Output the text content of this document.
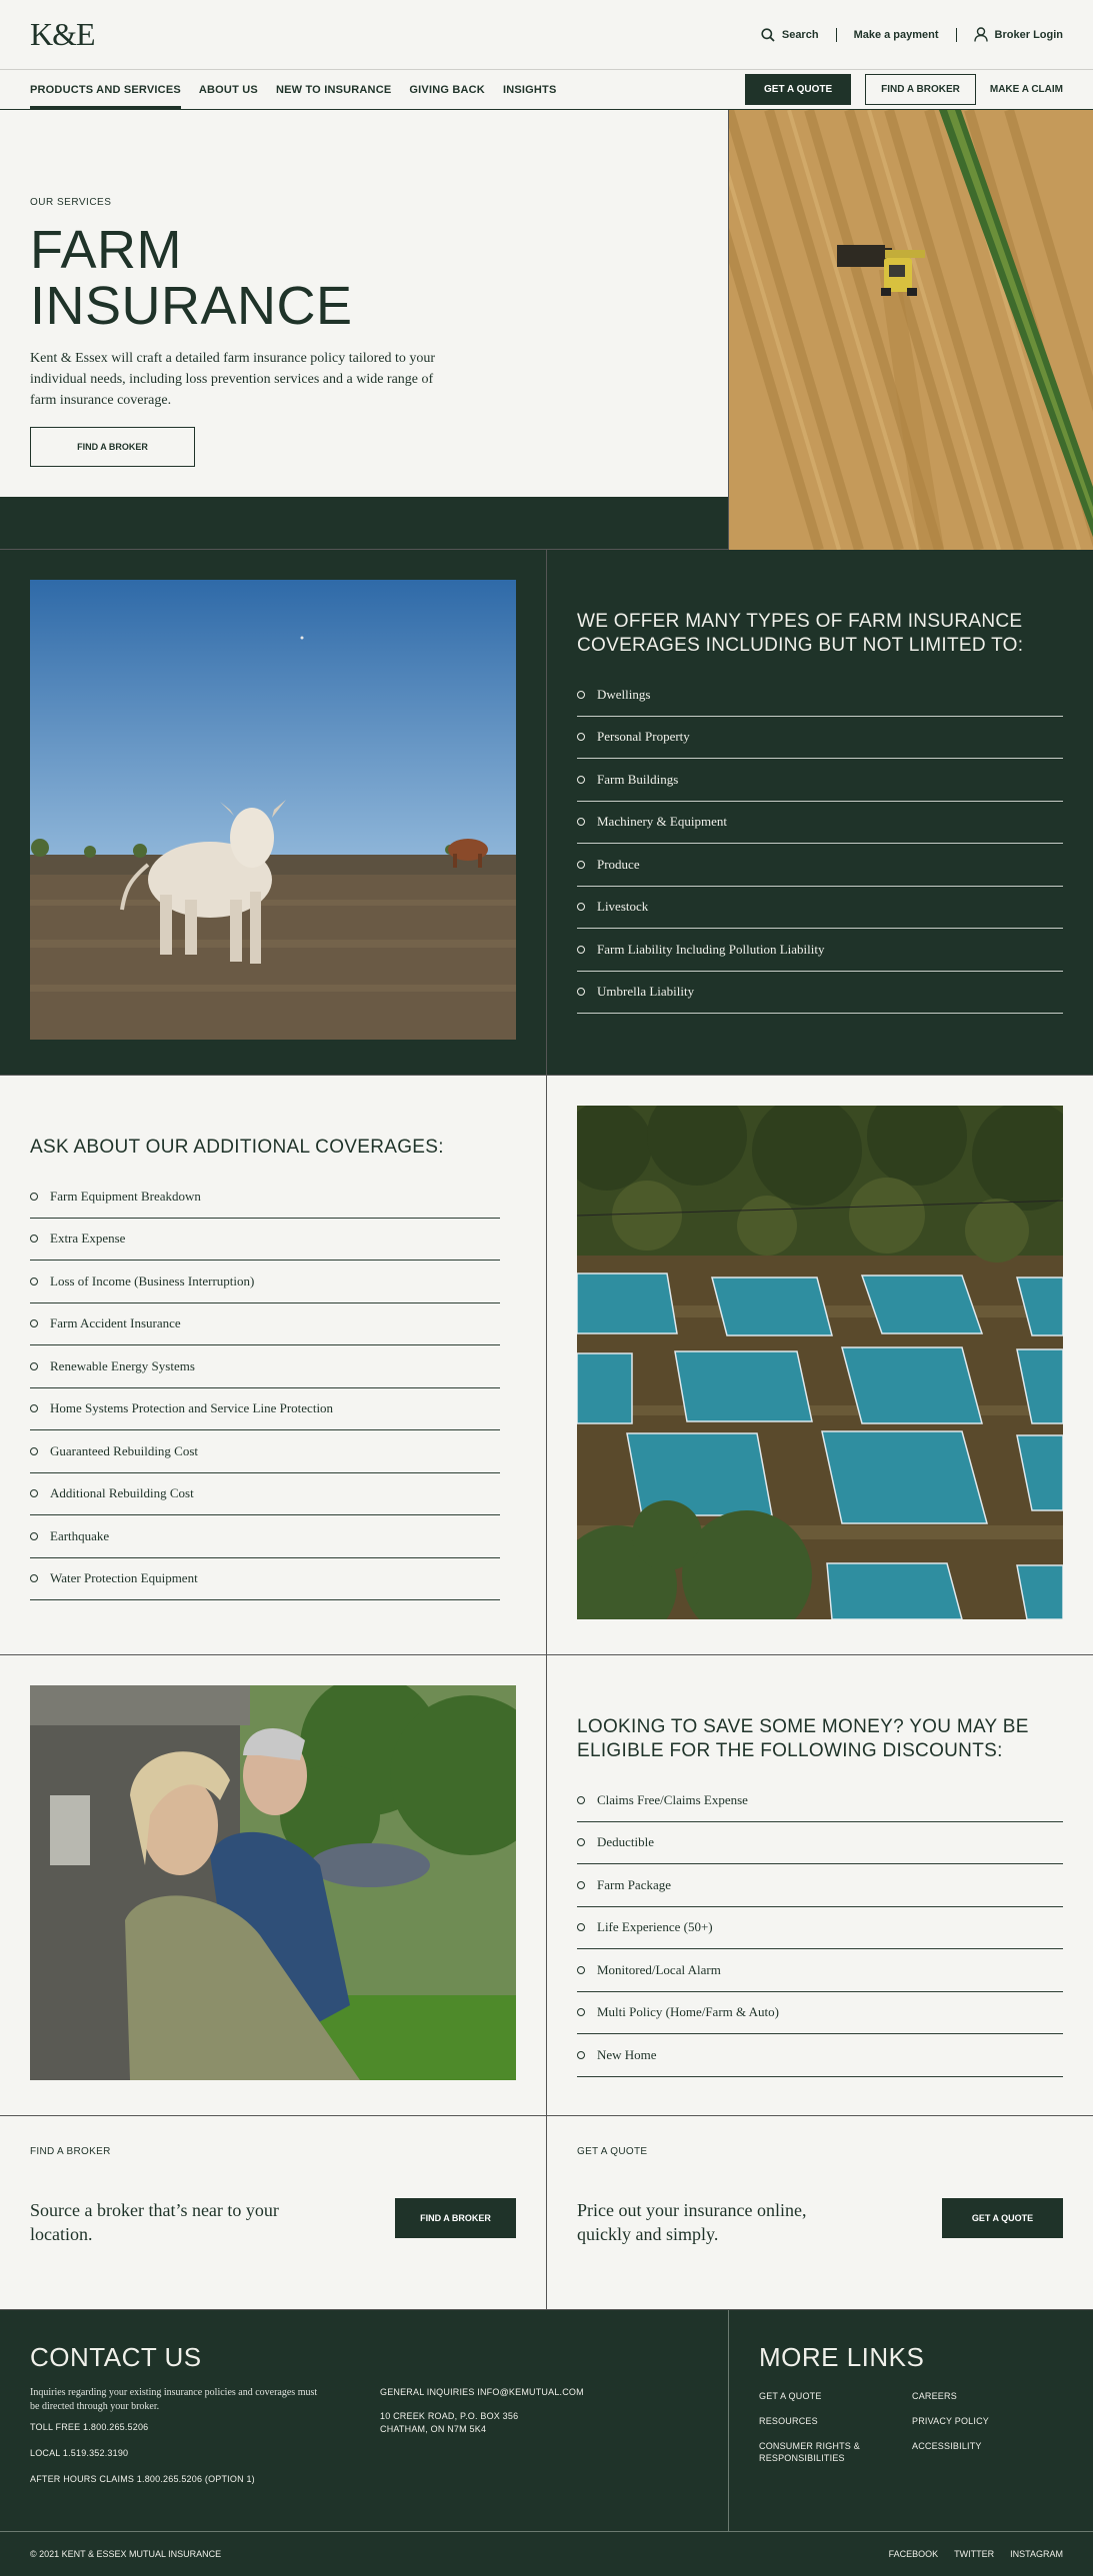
K&E	Search	Make a payment	Broker Login
PRODUCTS AND SERVICES ABOUT US NEW TO INSURANCE GIVING BACK INSIGHTS	GET A QUOTE	FIND A BROKER	MAKE A CLAIM
OUR SERVICES
FARM
INSURANCE

Kent & Essex will craft a detailed farm insurance policy tailored to your individual needs, including loss prevention services and a wide range of farm insurance coverage.

FIND A BROKER
WE OFFER MANY TYPES OF FARM INSURANCE COVERAGES INCLUDING BUT NOT LIMITED TO:
Dwellings
Personal Property
Farm Buildings
Machinery & Equipment
Produce
Livestock
Farm Liability Including Pollution Liability
Umbrella Liability
ASK ABOUT OUR ADDITIONAL COVERAGES:
Farm Equipment Breakdown
Extra Expense
Loss of Income (Business Interruption)
Farm Accident Insurance
Renewable Energy Systems
Home Systems Protection and Service Line Protection
Guaranteed Rebuilding Cost
Additional Rebuilding Cost
Earthquake
Water Protection Equipment
LOOKING TO SAVE SOME MONEY? YOU MAY BE ELIGIBLE FOR THE FOLLOWING DISCOUNTS:
Claims Free/Claims Expense
Deductible
Farm Package
Life Experience (50+)
Monitored/Local Alarm
Multi Policy (Home/Farm & Auto)
New Home
FIND A BROKER
Source a broker that’s near to your location.
FIND A BROKER
GET A QUOTE
Price out your insurance online, quickly and simply.
GET A QUOTE
CONTACT US
Inquiries regarding your existing insurance policies and coverages must be directed through your broker.
TOLL FREE 1.800.265.5206
LOCAL 1.519.352.3190
AFTER HOURS CLAIMS 1.800.265.5206 (OPTION 1)
GENERAL INQUIRIES INFO@KEMUTUAL.COM
10 CREEK ROAD, P.O. BOX 356
CHATHAM, ON N7M 5K4
MORE LINKS
GET A QUOTE	CAREERS
RESOURCES	PRIVACY POLICY
CONSUMER RIGHTS & RESPONSIBILITIES
ACCESSIBILITY
© 2021 KENT & ESSEX MUTUAL INSURANCE	FACEBOOK TWITTER INSTAGRAM
